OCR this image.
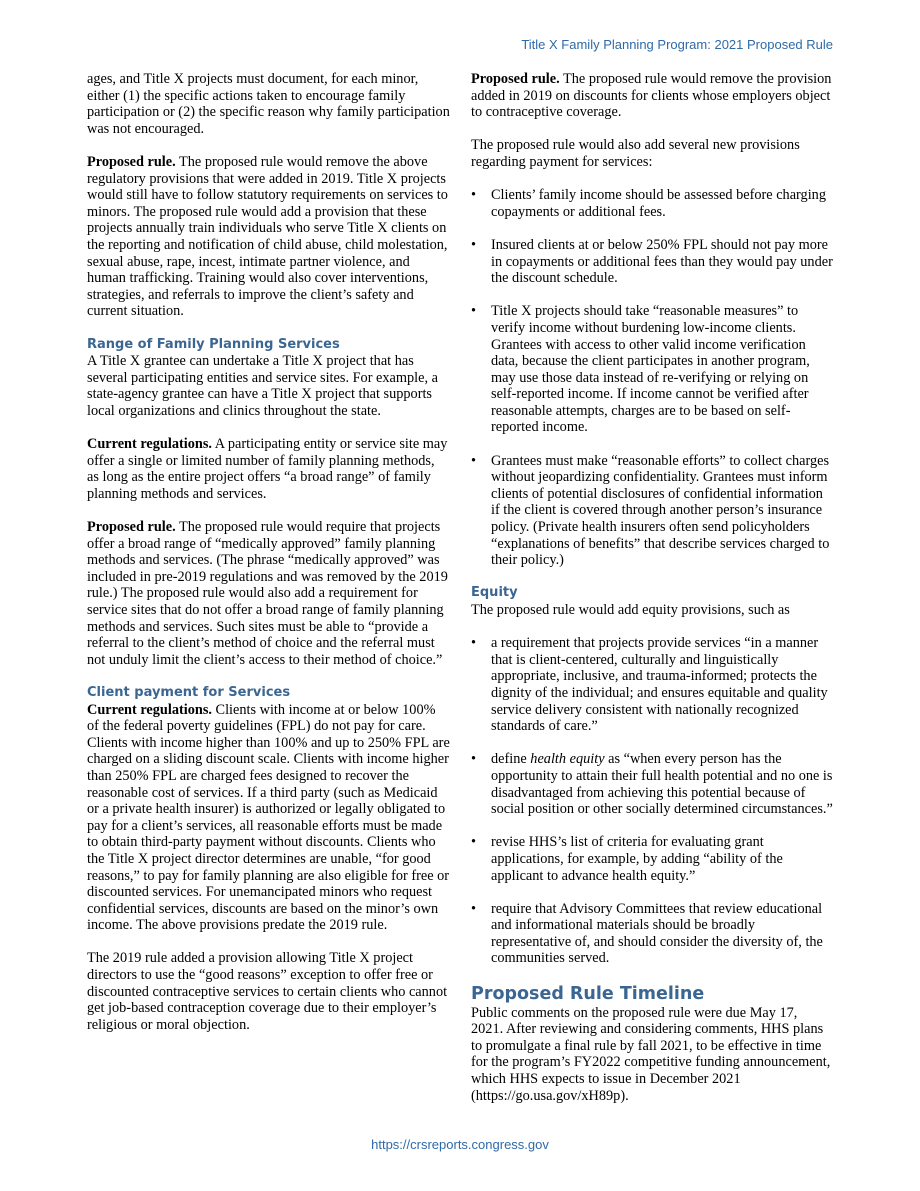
Title X Family Planning Program: 2021 Proposed Rule

ages, and Title X projects must document, for each minor, either (1) the specific actions taken to encourage family participation or (2) the specific reason why family participation was not encouraged.

Proposed rule. The proposed rule would remove the above regulatory provisions that were added in 2019. Title X projects would still have to follow statutory requirements on services to minors. The proposed rule would add a provision that these projects annually train individuals who serve Title X clients on the reporting and notification of child abuse, child molestation, sexual abuse, rape, incest, intimate partner violence, and human trafficking. Training would also cover interventions, strategies, and referrals to improve the client’s safety and current situation.

Range of Family Planning Services

A Title X grantee can undertake a Title X project that has several participating entities and service sites. For example, a state-agency grantee can have a Title X project that supports local organizations and clinics throughout the state.

Current regulations. A participating entity or service site may offer a single or limited number of family planning methods, as long as the entire project offers “a broad range” of family planning methods and services.

Proposed rule. The proposed rule would require that projects offer a broad range of “medically approved” family planning methods and services. (The phrase “medically approved” was included in pre-2019 regulations and was removed by the 2019 rule.) The proposed rule would also add a requirement for service sites that do not offer a broad range of family planning methods and services. Such sites must be able to “provide a referral to the client’s method of choice and the referral must not unduly limit the client’s access to their method of choice.”

Client payment for Services

Current regulations. Clients with income at or below 100% of the federal poverty guidelines (FPL) do not pay for care. Clients with income higher than 100% and up to 250% FPL are charged on a sliding discount scale. Clients with income higher than 250% FPL are charged fees designed to recover the reasonable cost of services. If a third party (such as Medicaid or a private health insurer) is authorized or legally obligated to pay for a client’s services, all reasonable efforts must be made to obtain third-party payment without discounts. Clients who the Title X project director determines are unable, “for good reasons,” to pay for family planning are also eligible for free or discounted services. For unemancipated minors who request confidential services, discounts are based on the minor’s own income. The above provisions predate the 2019 rule.

The 2019 rule added a provision allowing Title X project directors to use the “good reasons” exception to offer free or discounted contraceptive services to certain clients who cannot get job-based contraception coverage due to their employer’s religious or moral objection.

Proposed rule. The proposed rule would remove the provision added in 2019 on discounts for clients whose employers object to contraceptive coverage.

The proposed rule would also add several new provisions regarding payment for services:

• Clients’ family income should be assessed before charging copayments or additional fees.
• Insured clients at or below 250% FPL should not pay more in copayments or additional fees than they would pay under the discount schedule.
• Title X projects should take “reasonable measures” to verify income without burdening low-income clients. Grantees with access to other valid income verification data, because the client participates in another program, may use those data instead of re-verifying or relying on self-reported income. If income cannot be verified after reasonable attempts, charges are to be based on self-reported income.
• Grantees must make “reasonable efforts” to collect charges without jeopardizing confidentiality. Grantees must inform clients of potential disclosures of confidential information if the client is covered through another person’s insurance policy. (Private health insurers often send policyholders “explanations of benefits” that describe services charged to their policy.)
Equity

The proposed rule would add equity provisions, such as

• a requirement that projects provide services “in a manner that is client-centered, culturally and linguistically appropriate, inclusive, and trauma-informed; protects the dignity of the individual; and ensures equitable and quality service delivery consistent with nationally recognized standards of care.”
• define health equity as “when every person has the opportunity to attain their full health potential and no one is disadvantaged from achieving this potential because of social position or other socially determined circumstances.”
• revise HHS’s list of criteria for evaluating grant applications, for example, by adding “ability of the applicant to advance health equity.”
• require that Advisory Committees that review educational and informational materials should be broadly representative of, and should consider the diversity of, the communities served.
Proposed Rule Timeline

Public comments on the proposed rule were due May 17, 2021. After reviewing and considering comments, HHS plans to promulgate a final rule by fall 2021, to be effective in time for the program’s FY2022 competitive funding announcement, which HHS expects to issue in December 2021 (https://go.usa.gov/xH89p).

https://crsreports.congress.gov
